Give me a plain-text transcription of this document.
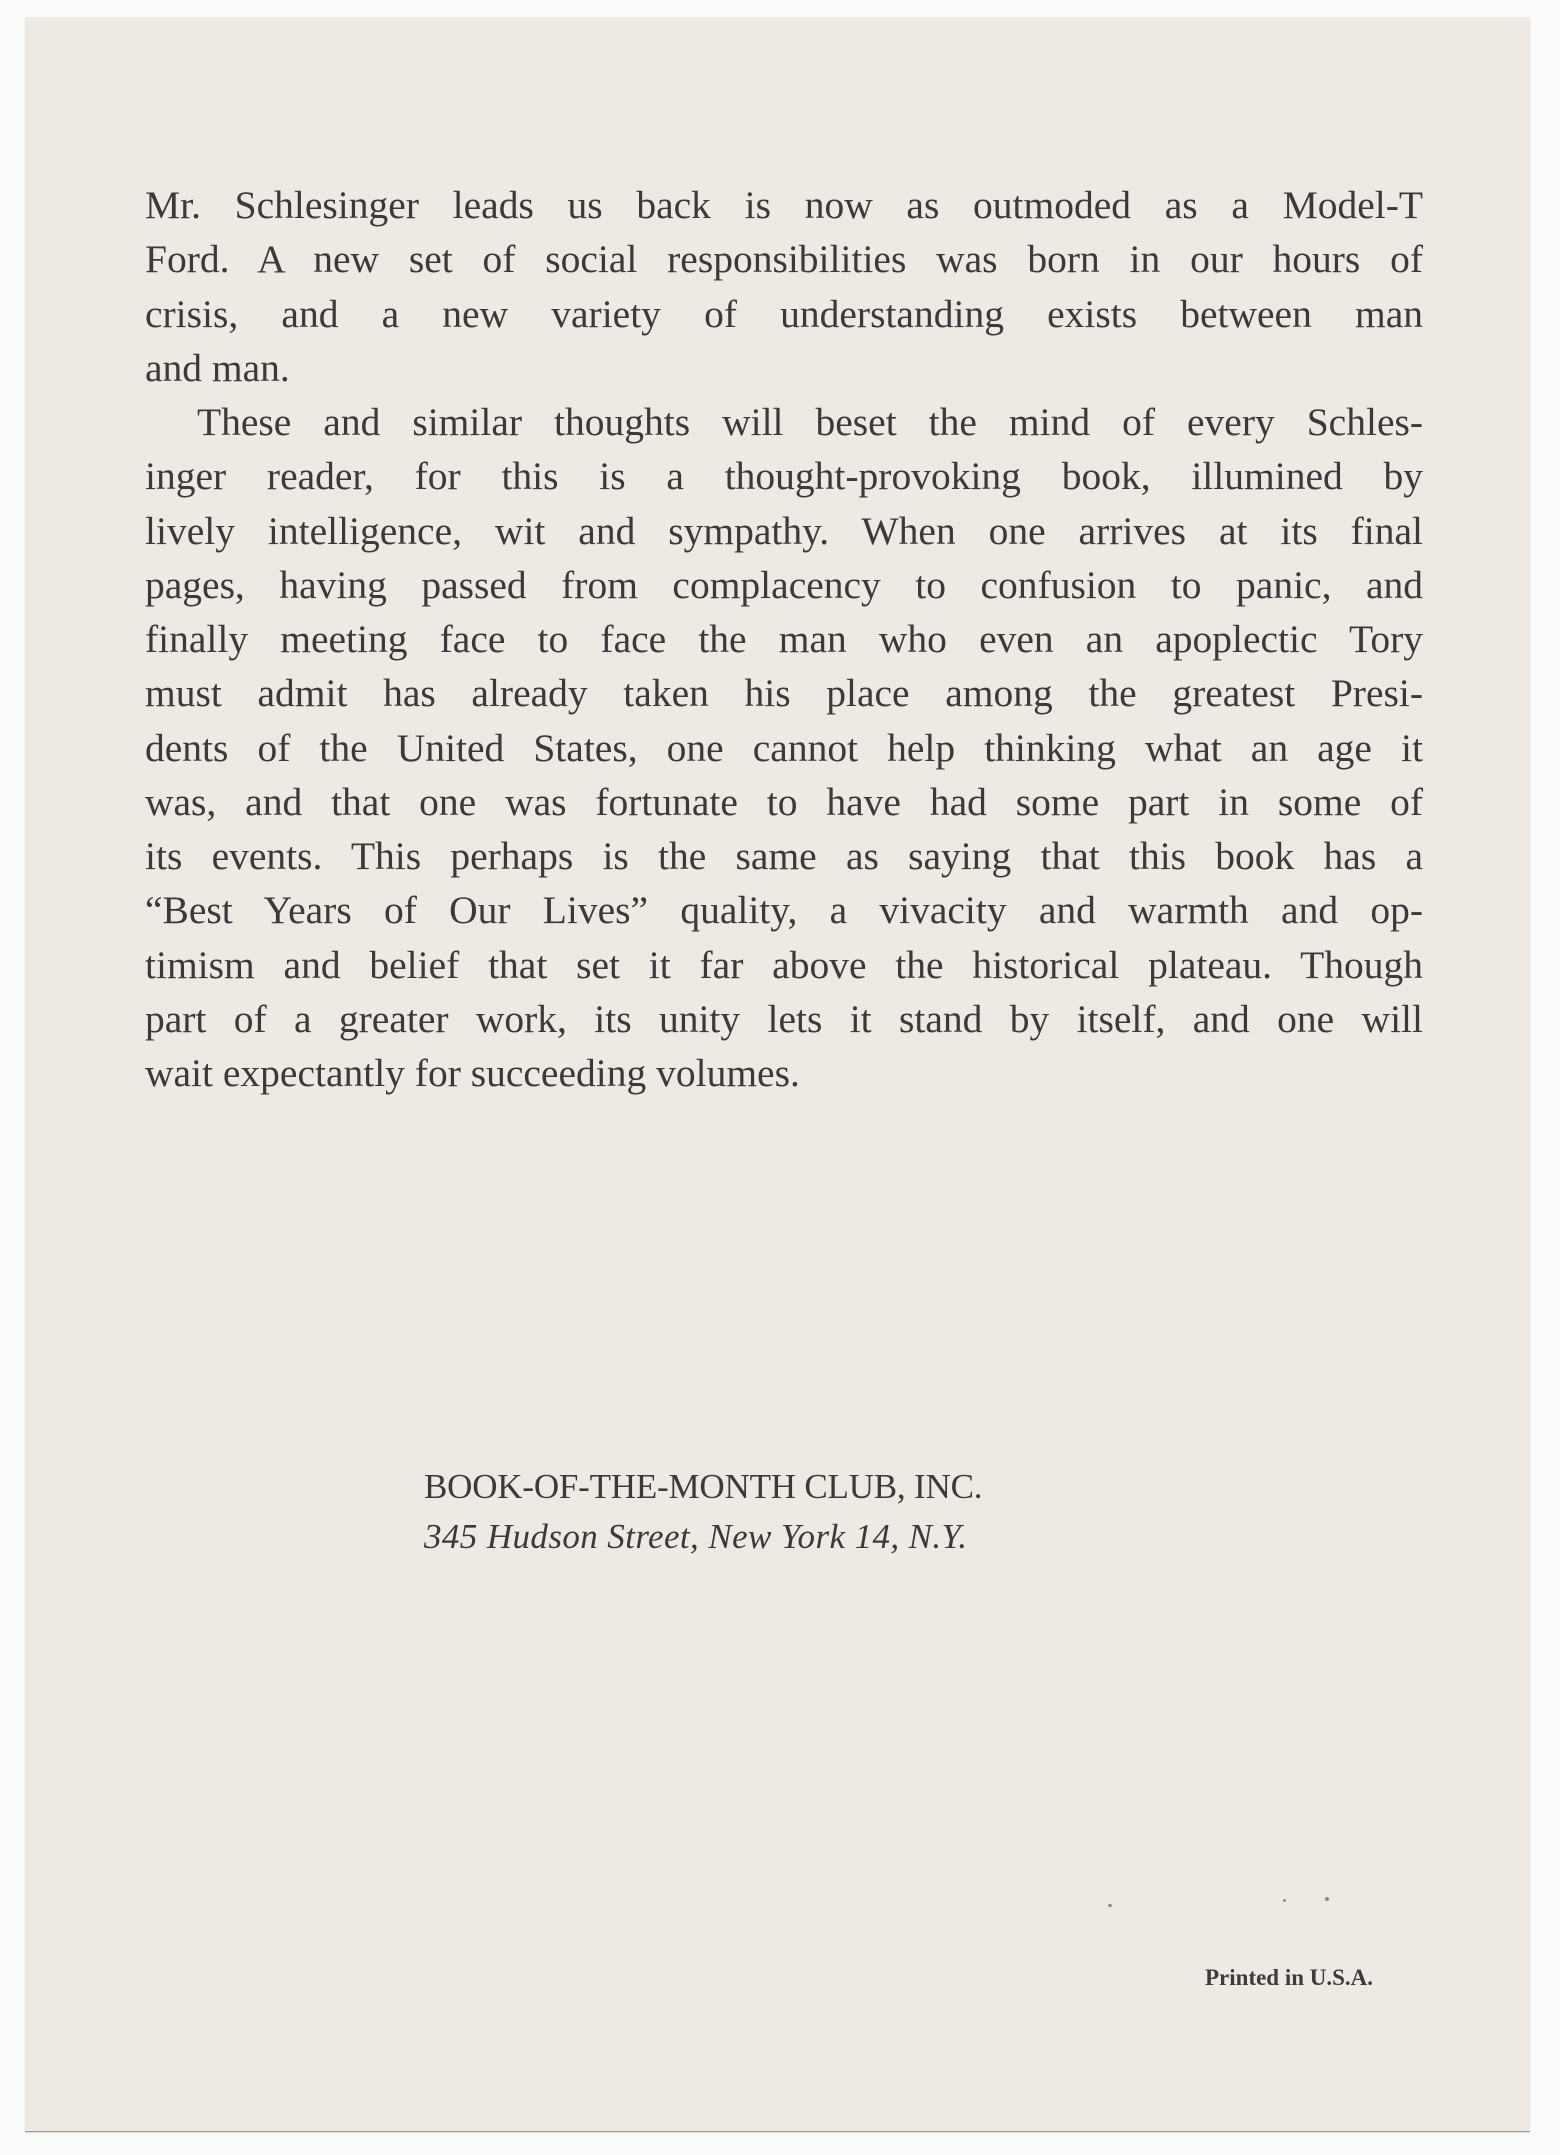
Mr. Schlesinger leads us back is now as outmoded as a Model-T
Ford. A new set of social responsibilities was born in our hours of
crisis, and a new variety of understanding exists between man
and man.
These and similar thoughts will beset the mind of every Schles-
inger reader, for this is a thought-provoking book, illumined by
lively intelligence, wit and sympathy. When one arrives at its final
pages, having passed from complacency to confusion to panic, and
finally meeting face to face the man who even an apoplectic Tory
must admit has already taken his place among the greatest Presi-
dents of the United States, one cannot help thinking what an age it
was, and that one was fortunate to have had some part in some of
its events. This perhaps is the same as saying that this book has a
“Best Years of Our Lives” quality, a vivacity and warmth and op-
timism and belief that set it far above the historical plateau. Though
part of a greater work, its unity lets it stand by itself, and one will
wait expectantly for succeeding volumes.
BOOK-OF-THE-MONTH CLUB, INC.
345 Hudson Street, New York 14, N.Y.
Printed in U.S.A.
